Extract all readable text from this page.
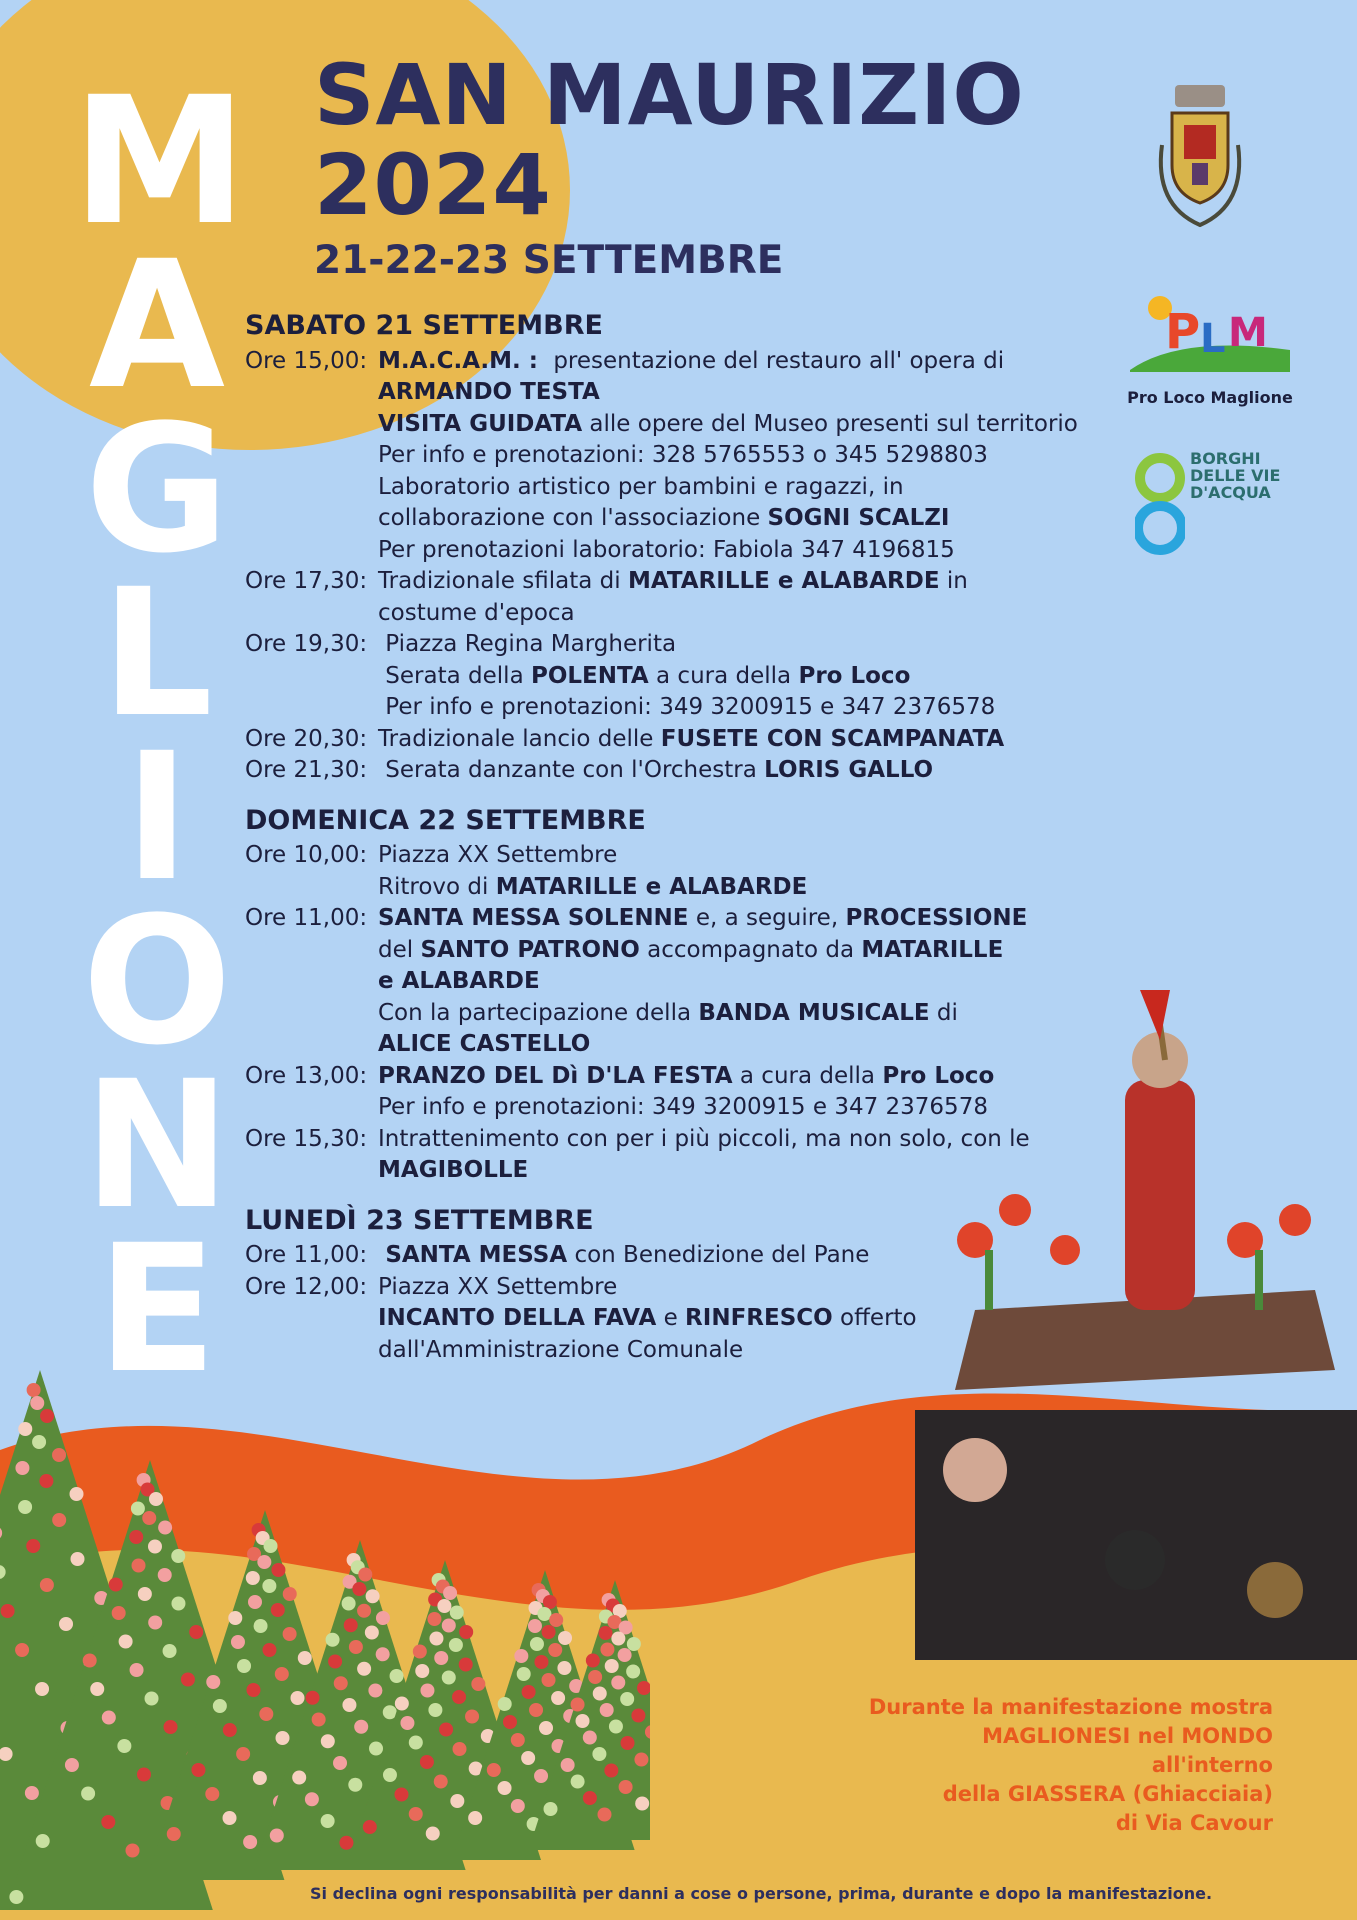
M
A
G
L
I
O
N
E
SAN MAURIZIO
2024
21-22-23 SETTEMBRE
SABATO 21 SETTEMBRE
Ore 15,00: M.A.C.A.M. :  presentazione del restauro all' opera di
ARMANDO TESTA
VISITA GUIDATA alle opere del Museo presenti sul territorio
Per info e prenotazioni: 328 5765553 o 345 5298803
Laboratorio artistico per bambini e ragazzi, in
collaborazione con l'associazione SOGNI SCALZI
Per prenotazioni laboratorio: Fabiola 347 4196815
Ore 17,30: Tradizionale sfilata di MATARILLE e ALABARDE in
costume d'epoca
Ore 19,30: Piazza Regina Margherita
Serata della POLENTA a cura della Pro Loco
Per info e prenotazioni: 349 3200915 e 347 2376578
Ore 20,30: Tradizionale lancio delle FUSETE CON SCAMPANATA
Ore 21,30: Serata danzante con l'Orchestra LORIS GALLO
DOMENICA 22 SETTEMBRE
Ore 10,00: Piazza XX Settembre
Ritrovo di MATARILLE e ALABARDE
Ore 11,00: SANTA MESSA SOLENNE e, a seguire, PROCESSIONE
del SANTO PATRONO accompagnato da MATARILLE
e ALABARDE
Con la partecipazione della BANDA MUSICALE di
ALICE CASTELLO
Ore 13,00: PRANZO DEL Dì D'LA FESTA a cura della Pro Loco
Per info e prenotazioni: 349 3200915 e 347 2376578
Ore 15,30: Intrattenimento con per i più piccoli, ma non solo, con le
MAGIBOLLE
LUNEDÌ 23 SETTEMBRE
Ore 11,00: SANTA MESSA con Benedizione del Pane
Ore 12,00: Piazza XX Settembre
INCANTO DELLA FAVA e RINFRESCO offerto
dall'Amministrazione Comunale
P L M
Pro Loco Maglione
BORGHI
DELLE VIE
D'ACQUA
Durante la manifestazione mostra
MAGLIONESI nel MONDO
all'interno
della GIASSERA (Ghiacciaia)
di Via Cavour
Si declina ogni responsabilità per danni a cose o persone, prima, durante e dopo la manifestazione.
